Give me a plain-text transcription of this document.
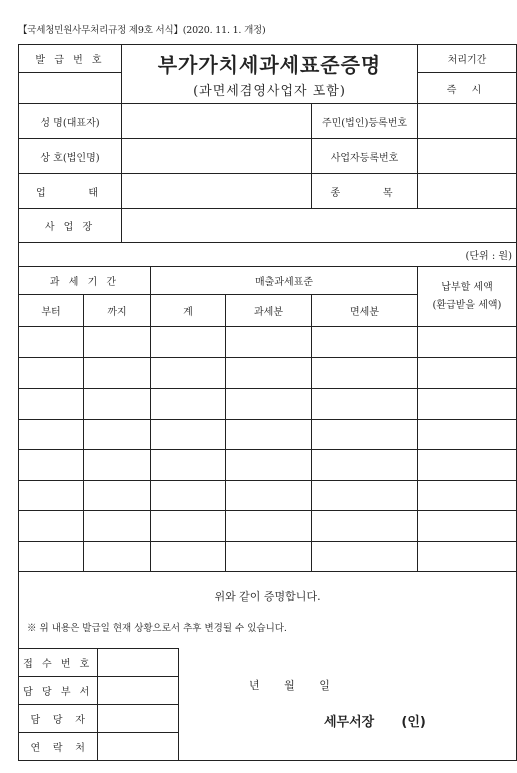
【국세청민원사무처리규정 제9호 서식】(2020. 11. 1. 개정)
발 급 번 호	부가가치세과세표준증명
(과면세겸영사업자 포함)
	처리기간
	즉 시
성 명(대표자)		주민(법인)등록번호	
상 호(법인명)		사업자등록번호	
업    태		종    목	
사 업 장	
(단위 : 원)
과 세 기 간	매출과세표준	납부할 세액
(환급받을 세액)
부터	까지	계	과세분	면세분

위와 같이 증명합니다.
※ 위 내용은 발급일 현재 상황으로서 추후 변경될 수 있습니다.
접 수 번 호	
담 당 부 서	
담    당    자	
연    락    처	
년       월       일
세무서장      (인)
